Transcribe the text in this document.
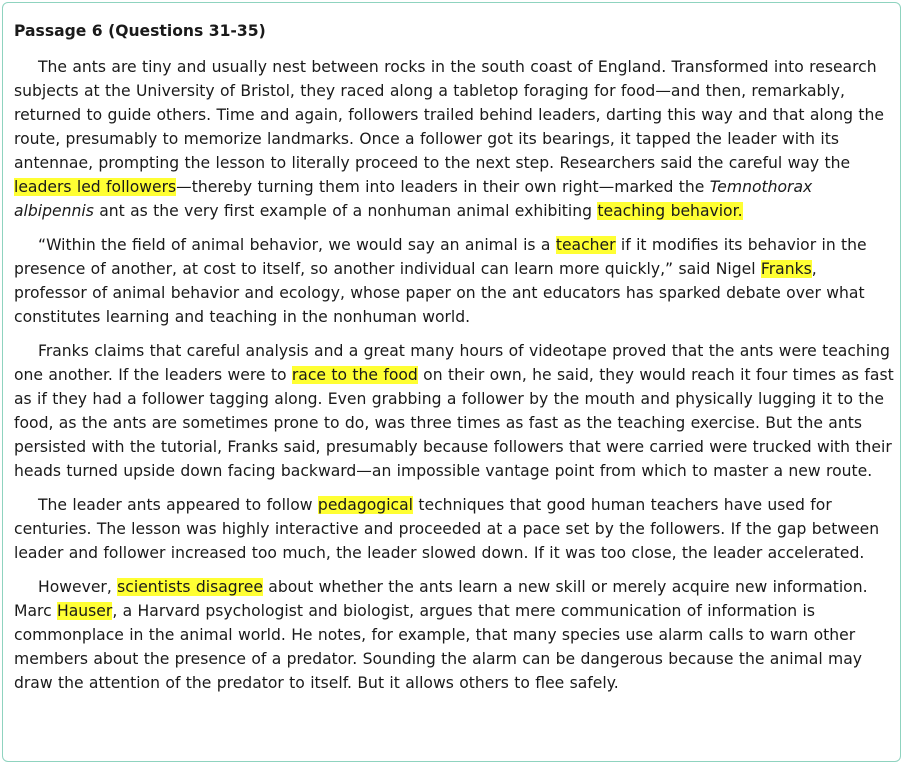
Passage 6 (Questions 31-35)

The ants are tiny and usually nest between rocks in the south coast of England. Transformed into research subjects at the University of Bristol, they raced along a tabletop foraging for food—and then, remarkably, returned to guide others. Time and again, followers trailed behind leaders, darting this way and that along the route, presumably to memorize landmarks. Once a follower got its bearings, it tapped the leader with its antennae, prompting the lesson to literally proceed to the next step. Researchers said the careful way the leaders led followers—thereby turning them into leaders in their own right—marked the Temnothorax albipennis ant as the very first example of a nonhuman animal exhibiting teaching behavior.

“Within the field of animal behavior, we would say an animal is a teacher if it modifies its behavior in the presence of another, at cost to itself, so another individual can learn more quickly,” said Nigel Franks, professor of animal behavior and ecology, whose paper on the ant educators has sparked debate over what constitutes learning and teaching in the nonhuman world.

Franks claims that careful analysis and a great many hours of videotape proved that the ants were teaching one another. If the leaders were to race to the food on their own, he said, they would reach it four times as fast as if they had a follower tagging along. Even grabbing a follower by the mouth and physically lugging it to the food, as the ants are sometimes prone to do, was three times as fast as the teaching exercise. But the ants persisted with the tutorial, Franks said, presumably because followers that were carried were trucked with their heads turned upside down facing backward—an impossible vantage point from which to master a new route.

The leader ants appeared to follow pedagogical techniques that good human teachers have used for centuries. The lesson was highly interactive and proceeded at a pace set by the followers. If the gap between leader and follower increased too much, the leader slowed down. If it was too close, the leader accelerated.

However, scientists disagree about whether the ants learn a new skill or merely acquire new information. Marc Hauser, a Harvard psychologist and biologist, argues that mere communication of information is commonplace in the animal world. He notes, for example, that many species use alarm calls to warn other members about the presence of a predator. Sounding the alarm can be dangerous because the animal may draw the attention of the predator to itself. But it allows others to flee safely.
